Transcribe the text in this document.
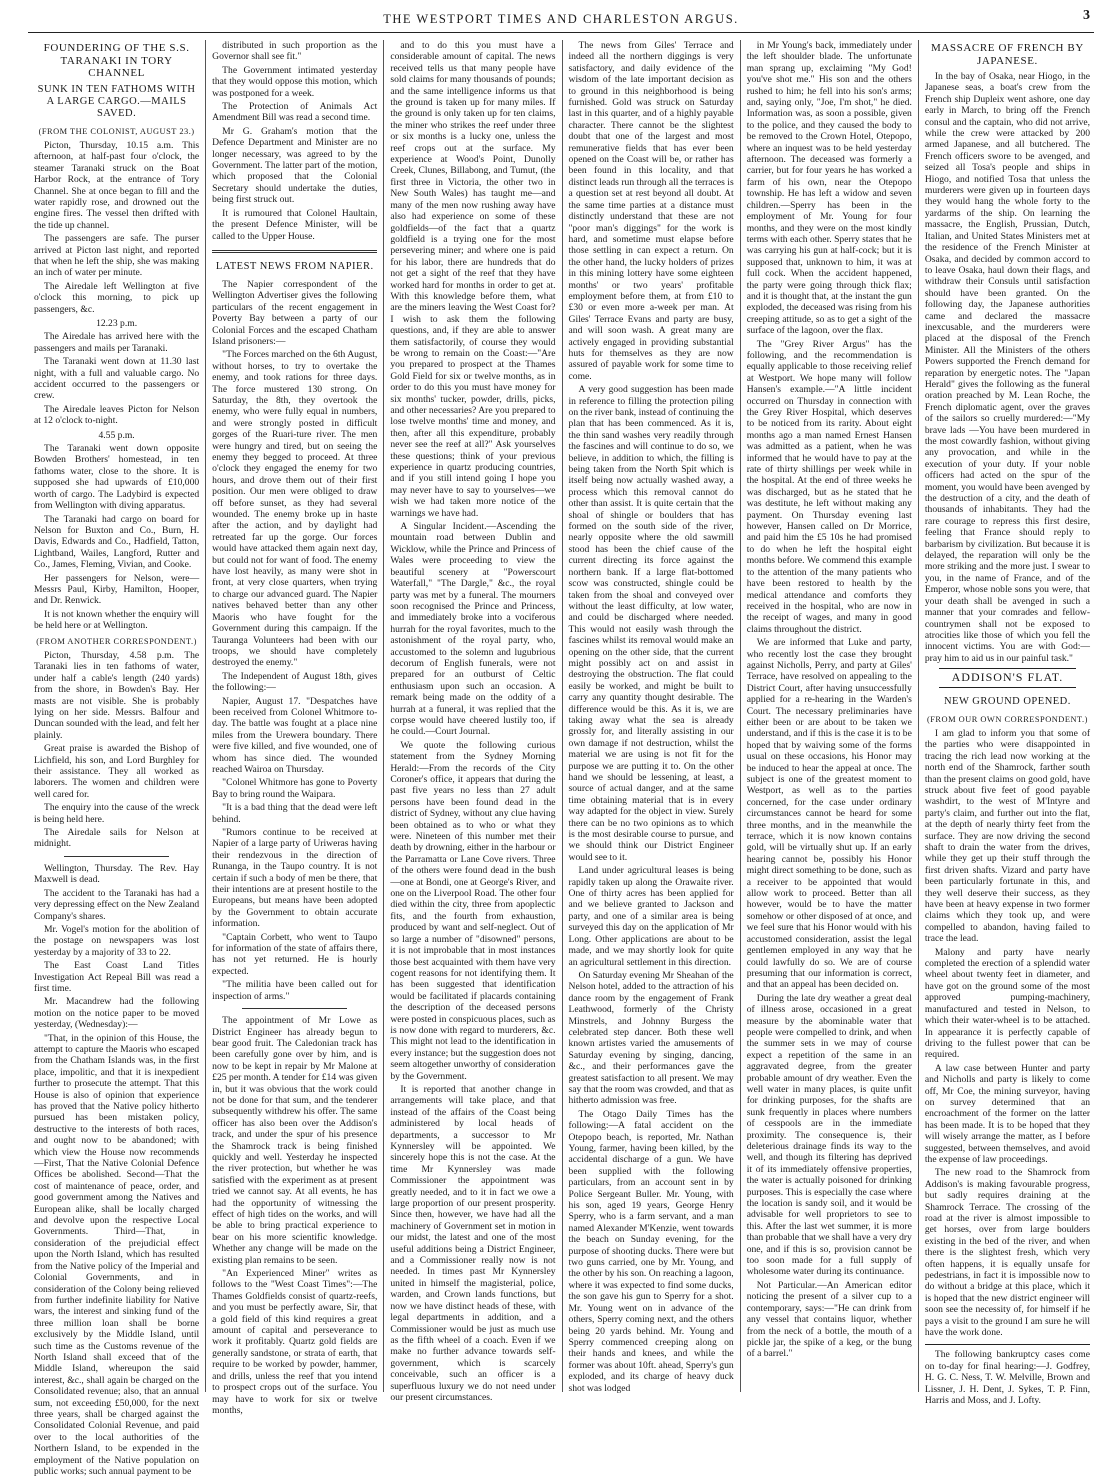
THE WESTPORT TIMES AND CHARLESTON ARGUS.	3
FOUNDERING OF THE S.S. TARANAKI IN TORY CHANNEL
SUNK IN TEN FATHOMS WITH A LARGE CARGO.—MAILS SAVED.
(FROM THE COLONIST, AUGUST 23.)

Picton, Thursday, 10.15 a.m. This afternoon, at half-past four o'clock, the steamer Taranaki struck on the Boat Harbor Rock, at the entrance of Tory Channel. She at once began to fill and the water rapidly rose, and drowned out the engine fires. The vessel then drifted with the tide up channel.

The passengers are safe. The purser arrived at Picton last night, and reported that when he left the ship, she was making an inch of water per minute.

The Airedale left Wellington at five o'clock this morning, to pick up passengers, &c.

12.23 p.m.

The Airedale has arrived here with the passengers and mails per Taranaki.

The Taranaki went down at 11.30 last night, with a full and valuable cargo. No accident occurred to the passengers or crew.

The Airedale leaves Picton for Nelson at 12 o'clock to-night.

4.55 p.m.

The Taranaki went down opposite Bowden Brothers' homestead, in ten fathoms water, close to the shore. It is supposed she had upwards of £10,000 worth of cargo. The Ladybird is expected from Wellington with diving apparatus.

The Taranaki had cargo on board for Nelson for Buxton and Co., Burn, H. Davis, Edwards and Co., Hadfield, Tatton, Lightband, Wailes, Langford, Rutter and Co., James, Fleming, Vivian, and Cooke.

Her passengers for Nelson, were—Messrs Paul, Kirby, Hamilton, Hooper, and Dr. Renwick.

It is not known whether the enquiry will be held here or at Wellington.

(FROM ANOTHER CORRESPONDENT.)

Picton, Thursday, 4.58 p.m. The Taranaki lies in ten fathoms of water, under half a cable's length (240 yards) from the shore, in Bowden's Bay. Her masts are not visible. She is probably lying on her side. Messrs. Balfour and Duncan sounded with the lead, and felt her plainly.

Great praise is awarded the Bishop of Lichfield, his son, and Lord Burghley for their assistance. They all worked as laborers. The women and children were well cared for.

The enquiry into the cause of the wreck is being held here.

The Airedale sails for Nelson at midnight.

Wellington, Thursday. The Rev. Hay Maxwell is dead.

The accident to the Taranaki has had a very depressing effect on the New Zealand Company's shares.

Mr. Vogel's motion for the abolition of the postage on newspapers was lost yesterday by a majority of 33 to 22.

The East Coast Land Titles Investigation Act Repeal Bill was read a first time.

Mr. Macandrew had the following motion on the notice paper to be moved yesterday, (Wednesday):—

"That, in the opinion of this House, the attempt to capture the Maoris who escaped from the Chatham Islands was, in the first place, impolitic, and that it is inexpedient further to prosecute the attempt. That this House is also of opinion that experience has proved that the Native policy hitherto pursued has been mistaken policy, destructive to the interests of both races, and ought now to be abandoned; with which view the House now recommends—First, That the Native Colonial Defence Offices be abolished. Second—That the cost of maintenance of peace, order, and good government among the Natives and European alike, shall be locally charged and devolve upon the respective Local Governments. Third—That, in consideration of the prejudicial effect upon the North Island, which has resulted from the Native policy of the Imperial and Colonial Governments, and in consideration of the Colony being relieved from further indefinite liability for Native wars, the interest and sinking fund of the three million loan shall be borne exclusively by the Middle Island, until such time as the Customs revenue of the North Island shall exceed that of the Middle Island, whereupon the said interest, &c., shall again be charged on the Consolidated revenue; also, that an annual sum, not exceeding £50,000, for the next three years, shall be charged against the Consolidated Colonial Revenue, and paid over to the local authorities of the Northern Island, to be expended in the employment of the Native population on public works; such annual payment to be

distributed in such proportion as the Governor shall see fit."

The Government intimated yesterday that they would oppose this motion, which was postponed for a week.

The Protection of Animals Act Amendment Bill was read a second time.

Mr G. Graham's motion that the Defence Department and Minister are no longer necessary, was agreed to by the Government. The latter part of the motion, which proposed that the Colonial Secretary should undertake the duties, being first struck out.

It is rumoured that Colonel Haultain, the present Defence Minister, will be called to the Upper House.

LATEST NEWS FROM NAPIER.

The Napier correspondent of the Wellington Advertiser gives the following particulars of the recent engagement in Poverty Bay between a party of our Colonial Forces and the escaped Chatham Island prisoners:—

"The Forces marched on the 6th August, without horses, to try to overtake the enemy, and took rations for three days. The force mustered 130 strong. On Saturday, the 8th, they overtook the enemy, who were fully equal in numbers, and were strongly posted in difficult gorges of the Ruari-ture river. The men were hungry and tired, but on seeing the enemy they begged to proceed. At three o'clock they engaged the enemy for two hours, and drove them out of their first position. Our men were obliged to draw off before sunset, as they had several wounded. The enemy broke up in haste after the action, and by daylight had retreated far up the gorge. Our forces would have attacked them again next day, but could not for want of food. The enemy have lost heavily, as many were shot in front, at very close quarters, when trying to charge our advanced guard. The Napier natives behaved better than any other Maoris who have fought for the Government during this campaign. If the Tauranga Volunteers had been with our troops, we should have completely destroyed the enemy."

The Independent of August 18th, gives the following:—

Napier, August 17. "Despatches have been received from Colonel Whitmore to-day. The battle was fought at a place nine miles from the Urewera boundary. There were five killed, and five wounded, one of whom has since died. The wounded reached Wairoa on Thursday.

"Colonel Whitmore has gone to Poverty Bay to bring round the Waipara.

"It is a bad thing that the dead were left behind.

"Rumors continue to be received at Napier of a large party of Uriweras having their rendezvous in the direction of Runanga, in the Taupo country. It is not certain if such a body of men be there, that their intentions are at present hostile to the Europeans, but means have been adopted by the Government to obtain accurate information.

"Captain Corbett, who went to Taupo for information of the state of affairs there, has not yet returned. He is hourly expected.

"The militia have been called out for inspection of arms."

The appointment of Mr Lowe as District Engineer has already begun to bear good fruit. The Caledonian track has been carefully gone over by him, and is now to be kept in repair by Mr Malone at £25 per month. A tender for £14 was given in, but it was obvious that the work could not be done for that sum, and the tenderer subsequently withdrew his offer. The same officer has also been over the Addison's track, and under the spur of his presence the Shamrock track is being finished quickly and well. Yesterday he inspected the river protection, but whether he was satisfied with the experiment as at present tried we cannot say. At all events, he has had the opportunity of witnessing the effect of high tides on the works, and will be able to bring practical experience to bear on his more scientific knowledge. Whether any change will be made on the existing plan remains to be seen.

"An Experienced Miner" writes as follows to the "West Coast Times":—The Thames Goldfields consist of quartz-reefs, and you must be perfectly aware, Sir, that a gold field of this kind requires a great amount of capital and perseverance to work it profitably. Quartz gold fields are generally sandstone, or strata of earth, that require to be worked by powder, hammer, and drills, unless the reef that you intend to prospect crops out of the surface. You may have to work for six or twelve months,

and to do this you must have a considerable amount of capital. The news received tells us that many people have sold claims for many thousands of pounds; and the same intelligence informs us that the ground is taken up for many miles. If the ground is only taken up for ten claims, the miner who strikes the reef under three or six months is a lucky one, unless the reef crops out at the surface. My experience at Wood's Point, Dunolly Creek, Clunes, Billabong, and Tumut, (the first three in Victoria, the other two in New South Wales) has taught me—and many of the men now rushing away have also had experience on some of these goldfields—of the fact that a quartz goldfield is a trying one for the most persevering miner; and where one is paid for his labor, there are hundreds that do not get a sight of the reef that they have worked hard for months in order to get at. With this knowledge before them, what are the miners leaving the West Coast for? I wish to ask them the following questions, and, if they are able to answer them satisfactorily, of course they would be wrong to remain on the Coast:—"Are you prepared to prospect at the Thames Gold Field for six or twelve months, as in order to do this you must have money for six months' tucker, powder, drills, picks, and other necessaries? Are you prepared to lose twelve months' time and money, and then, after all this expenditure, probably never see the reef at all?" Ask yourselves these questions; think of your previous experience in quartz producing countries, and if you still intend going I hope you may never have to say to yourselves—we wish we had taken more notice of the warnings we have had.

A Singular Incident.—Ascending the mountain road between Dublin and Wicklow, while the Prince and Princess of Wales were proceeding to view the beautiful scenery at "Powerscourt Waterfall," "The Dargle," &c., the royal party was met by a funeral. The mourners soon recognised the Prince and Princess, and immediately broke into a vociferous hurrah for the royal favorites, much to the astonishment of the royal party, who, accustomed to the solemn and lugubrious decorum of English funerals, were not prepared for an outburst of Celtic enthusiasm upon such an occasion. A remark being made on the oddity of a hurrah at a funeral, it was replied that the corpse would have cheered lustily too, if he could.—Court Journal.

We quote the following curious statement from the Sydney Morning Herald:—From the records of the City Coroner's office, it appears that during the past five years no less than 27 adult persons have been found dead in the district of Sydney, without any clue having been obtained as to who or what they were. Nineteen of this number met their death by drowning, either in the harbour or the Parramatta or Lane Cove rivers. Three of the others were found dead in the bush—one at Bondi, one at George's River, and one on the Liverpool Road. The other four died within the city, three from apoplectic fits, and the fourth from exhaustion, produced by want and self-neglect. Out of so large a number of "disowned" persons, it is not improbable that in most instances those best acquainted with them have very cogent reasons for not identifying them. It has been suggested that identification would be facilitated if placards containing the description of the deceased persons were posted in conspicuous places, such as is now done with regard to murderers, &c. This might not lead to the identification in every instance; but the suggestion does not seem altogether unworthy of consideration by the Government.

It is reported that another change in arrangements will take place, and that instead of the affairs of the Coast being administered by local heads of departments, a successor to Mr Kynnersley will be appointed. We sincerely hope this is not the case. At the time Mr Kynnersley was made Commissioner the appointment was greatly needed, and to it in fact we owe a large proportion of our present prosperity. Since then, however, we have had all the machinery of Government set in motion in our midst, the latest and one of the most useful additions being a District Engineer, and a Commissioner really now is not needed. In times past Mr Kynnersley united in himself the magisterial, police, warden, and Crown lands functions, but now we have distinct heads of these, with legal departments in addition, and a Commissioner would be just as much use as the fifth wheel of a coach. Even if we make no further advance towards self-government, which is scarcely conceivable, such an officer is a superfluous luxury we do not need under our present circumstances.

The news from Giles' Terrace and indeed all the northern diggings is very satisfactory, and daily evidence of the wisdom of the late important decision as to ground in this neighborhood is being furnished. Gold was struck on Saturday last in this quarter, and of a highly payable character. There cannot be the slightest doubt that one of the largest and most remunerative fields that has ever been opened on the Coast will be, or rather has been found in this locality, and that distinct leads run through all the terraces is a question set at rest beyond all doubt. At the same time parties at a distance must distinctly understand that these are not "poor man's diggings" for the work is hard, and sometime must elapse before those settling in can expect a return. On the other hand, the lucky holders of prizes in this mining lottery have some eighteen months' or two years' profitable employment before them, at from £10 to £30 or even more a-week per man. At Giles' Terrace Evans and party are busy, and will soon wash. A great many are actively engaged in providing substantial huts for themselves as they are now assured of payable work for some time to come.

A very good suggestion has been made in reference to filling the protection piling on the river bank, instead of continuing the plan that has been commenced. As it is, the thin sand washes very readily through the fascines and will continue to do so, we believe, in addition to which, the filling is being taken from the North Spit which is itself being now actually washed away, a process which this removal cannot do other than assist. It is quite certain that the shoal of shingle or boulders that has formed on the south side of the river, nearly opposite where the old sawmill stood has been the chief cause of the current directing its force against the northern bank. If a large flat-bottomed scow was constructed, shingle could be taken from the shoal and conveyed over without the least difficulty, at low water, and could be discharged where needed. This would not easily wash through the fascines whilst its removal would make an opening on the other side, that the current might possibly act on and assist in destroying the obstruction. The flat could easily be worked, and might be built to carry any quantity thought desirable. The difference would be this. As it is, we are taking away what the sea is already grossly for, and literally assisting in our own damage if not destruction, whilst the material we are using is not fit for the purpose we are putting it to. On the other hand we should be lessening, at least, a source of actual danger, and at the same time obtaining material that is in every way adapted for the object in view. Surely there can be no two opinions as to which is the most desirable course to pursue, and we should think our District Engineer would see to it.

Land under agricultural leases is being rapidly taken up along the Orawaite river. One of thirty acres has been applied for and we believe granted to Jackson and party, and one of a similar area is being surveyed this day on the application of Mr Long. Other applications are about to be made, and we may shortly look for quite an agricultural settlement in this direction.

On Saturday evening Mr Sheahan of the Nelson hotel, added to the attraction of his dance room by the engagement of Frank Leathwood, formerly of the Christy Minstrels, and Johnny Burgess the celebrated step dancer. Both these well known artistes varied the amusements of Saturday evening by singing, dancing, &c., and their performances gave the greatest satisfaction to all present. We may say that the room was crowded, and that as hitherto admission was free.

The Otago Daily Times has the following:—A fatal accident on the Otepopo beach, is reported, Mr. Nathan Young, farmer, having been killed, by the accidental discharge of a gun. We have been supplied with the following particulars, from an account sent in by Police Sergeant Buller. Mr. Young, with his son, aged 19 years, George Henry Sperry, who is a farm servant, and a man named Alexander M'Kenzie, went towards the beach on Sunday evening, for the purpose of shooting ducks. There were but two guns carried, one by Mr. Young, and the other by his son. On reaching a lagoon, where it was expected to find some ducks, the son gave his gun to Sperry for a shot. Mr. Young went on in advance of the others, Sperry coming next, and the others being 20 yards behind. Mr. Young and Sperry commenced creeping along on their hands and knees, and while the former was about 10ft. ahead, Sperry's gun exploded, and its charge of heavy duck shot was lodged

in Mr Young's back, immediately under the left shoulder blade. The unfortunate man sprang up, exclaiming "My God! you've shot me." His son and the others rushed to him; he fell into his son's arms; and, saying only, "Joe, I'm shot," he died. Information was, as soon a possible, given to the police, and they caused the body to be removed to the Crown Hotel, Otepopo, where an inquest was to be held yesterday afternoon. The deceased was formerly a carrier, but for four years he has worked a farm of his own, near the Otepopo township. He has left a widow and seven children.—Sperry has been in the employment of Mr. Young for four months, and they were on the most kindly terms with each other. Sperry states that he was carrying his gun at half-cock; but it is supposed that, unknown to him, it was at full cock. When the accident happened, the party were going through thick flax; and it is thought that, at the instant the gun exploded, the deceased was rising from his creeping attitude, so as to get a sight of the surface of the lagoon, over the flax.

The "Grey River Argus" has the following, and the recommendation is equally applicable to those receiving relief at Westport. We hope many will follow Hansen's example.—"A little incident occurred on Thursday in connection with the Grey River Hospital, which deserves to be noticed from its rarity. About eight months ago a man named Ernest Hansen was admitted as a patient, when he was informed that he would have to pay at the rate of thirty shillings per week while in the hospital. At the end of three weeks he was discharged, but as he stated that he was destitute, he left without making any payment. On Thursday evening last however, Hansen called on Dr Morrice, and paid him the £5 10s he had promised to do when he left the hospital eight months before. We commend this example to the attention of the many patients who have been restored to health by the medical attendance and comforts they received in the hospital, who are now in the receipt of wages, and many in good claims throughout the district.

We are informed that Luke and party, who recently lost the case they brought against Nicholls, Perry, and party at Giles' Terrace, have resolved on appealing to the District Court, after having unsuccessfully applied for a re-hearing in the Warden's Court. The necessary preliminaries have either been or are about to be taken we understand, and if this is the case it is to be hoped that by waiving some of the forms usual on these occasions, his Honor may be induced to hear the appeal at once. The subject is one of the greatest moment to Westport, as well as to the parties concerned, for the case under ordinary circumstances cannot be heard for some three months, and in the meanwhile the terrace, which it is now known contains gold, will be virtually shut up. If an early hearing cannot be, possibly his Honor might direct something to be done, such as a receiver to be appointed that would allow work to proceed. Better than all however, would be to have the matter somehow or other disposed of at once, and we feel sure that his Honor would with his accustomed consideration, assist the legal gentlemen employed in any way that he could lawfully do so. We are of course presuming that our information is correct, and that an appeal has been decided on.

During the late dry weather a great deal of illness arose, occasioned in a great measure by the abominable water that people were compelled to drink, and when the summer sets in we may of course expect a repetition of the same in an aggravated degree, from the greater probable amount of dry weather. Even the well water in many places, is quite unfit for drinking purposes, for the shafts are sunk frequently in places where numbers of cesspools are in the immediate proximity. The consequence is, their deleterious drainage finds its way to the well, and though its filtering has deprived it of its immediately offensive properties, the water is actually poisoned for drinking purposes. This is especially the case where the location is sandy soil, and it would be advisable for well proprietors to see to this. After the last wet summer, it is more than probable that we shall have a very dry one, and if this is so, provision cannot be too soon made for a full supply of wholesome water during its continuance.

Not Particular.—An American editor noticing the present of a silver cup to a contemporary, says:—"He can drink from any vessel that contains liquor, whether from the neck of a bottle, the mouth of a pickle jar, the spike of a keg, or the bung of a barrel."

MASSACRE OF FRENCH BY JAPANESE.

In the bay of Osaka, near Hiogo, in the Japanese seas, a boat's crew from the French ship Dupleix went ashore, one day early in March, to bring off the French consul and the captain, who did not arrive, while the crew were attacked by 200 armed Japanese, and all butchered. The French officers swore to be avenged, and seized all Tosa's people and ships in Hiogo, and notified Tosa that unless the murderers were given up in fourteen days they would hang the whole forty to the yardarms of the ship. On learning the massacre, the English, Prussian, Dutch, Italian, and United States Ministers met at the residence of the French Minister at Osaka, and decided by common accord to to leave Osaka, haul down their flags, and withdraw their Consuls until satisfaction should have been granted. On the following day, the Japanese authorities came and declared the massacre inexcusable, and the murderers were placed at the disposal of the French Minister. All the Ministers of the others Powers supported the French demand for reparation by energetic notes. The "Japan Herald" gives the following as the funeral oration preached by M. Lean Roche, the French diplomatic agent, over the graves of the sailors so cruelly murdered:—"My brave lads —You have been murdered in the most cowardly fashion, without giving any provocation, and while in the execution of your duty. If your noble officers had acted on the spur of the moment, you would have been avenged by the destruction of a city, and the death of thousands of inhabitants. They had the rare courage to repress this first desire, feeling that France should reply to barbarism by civilization. But because it is delayed, the reparation will only be the more striking and the more just. I swear to you, in the name of France, and of the Emperor, whose noble sons you were, that your death shall be avenged in such a manner that your comrades and fellow-countrymen shall not be exposed to atrocities like those of which you fell the innocent victims. You are with God:—pray him to aid us in our painful task."

ADDISON'S FLAT.
NEW GROUND OPENED.
(FROM OUR OWN CORRESPONDENT.)

I am glad to inform you that some of the parties who were disappointed in tracing the rich lead now working at the north end of the Shamrock, farther south than the present claims on good gold, have struck about five feet of good payable washdirt, to the west of M'Intyre and party's claim, and further out into the flat, at the depth of nearly thirty feet from the surface. They are now driving the second shaft to drain the water from the drives, while they get up their stuff through the first driven shafts. Vizard and party have been particularly fortunate in this, and they well deserve their success, as they have been at heavy expense in two former claims which they took up, and were compelled to abandon, having failed to trace the lead.

Malony and party have nearly completed the erection of a splendid water wheel about twenty feet in diameter, and have got on the ground some of the most approved pumping-machinery, manufactured and tested in Nelson, to which their water-wheel is to be attached. In appearance it is perfectly capable of driving to the fullest power that can be required.

A law case between Hunter and party and Nicholls and party is likely to come off, Mr Coe, the mining surveyor, having on survey determined that an encroachment of the former on the latter has been made. It is to be hoped that they will wisely arrange the matter, as I before suggested, between themselves, and avoid the expense of law proceedings.

The new road to the Shamrock from Addison's is making favourable progress, but sadly requires draining at the Shamrock Terrace. The crossing of the road at the river is almost impossible to get horses, over from large boulders existing in the bed of the river, and when there is the slightest fresh, which very often happens, it is equally unsafe for pedestrians, in fact it is impossible now to do without a bridge at this place, which it is hoped that the new district engineer will soon see the necessity of, for himself if he pays a visit to the ground I am sure he will have the work done.

The following bankruptcy cases come on to-day for final hearing:—J. Godfrey, H. G. C. Ness, T. W. Melville, Brown and Lissner, J. H. Dent, J. Sykes, T. P. Finn, Harris and Moss, and J. Lofty.
